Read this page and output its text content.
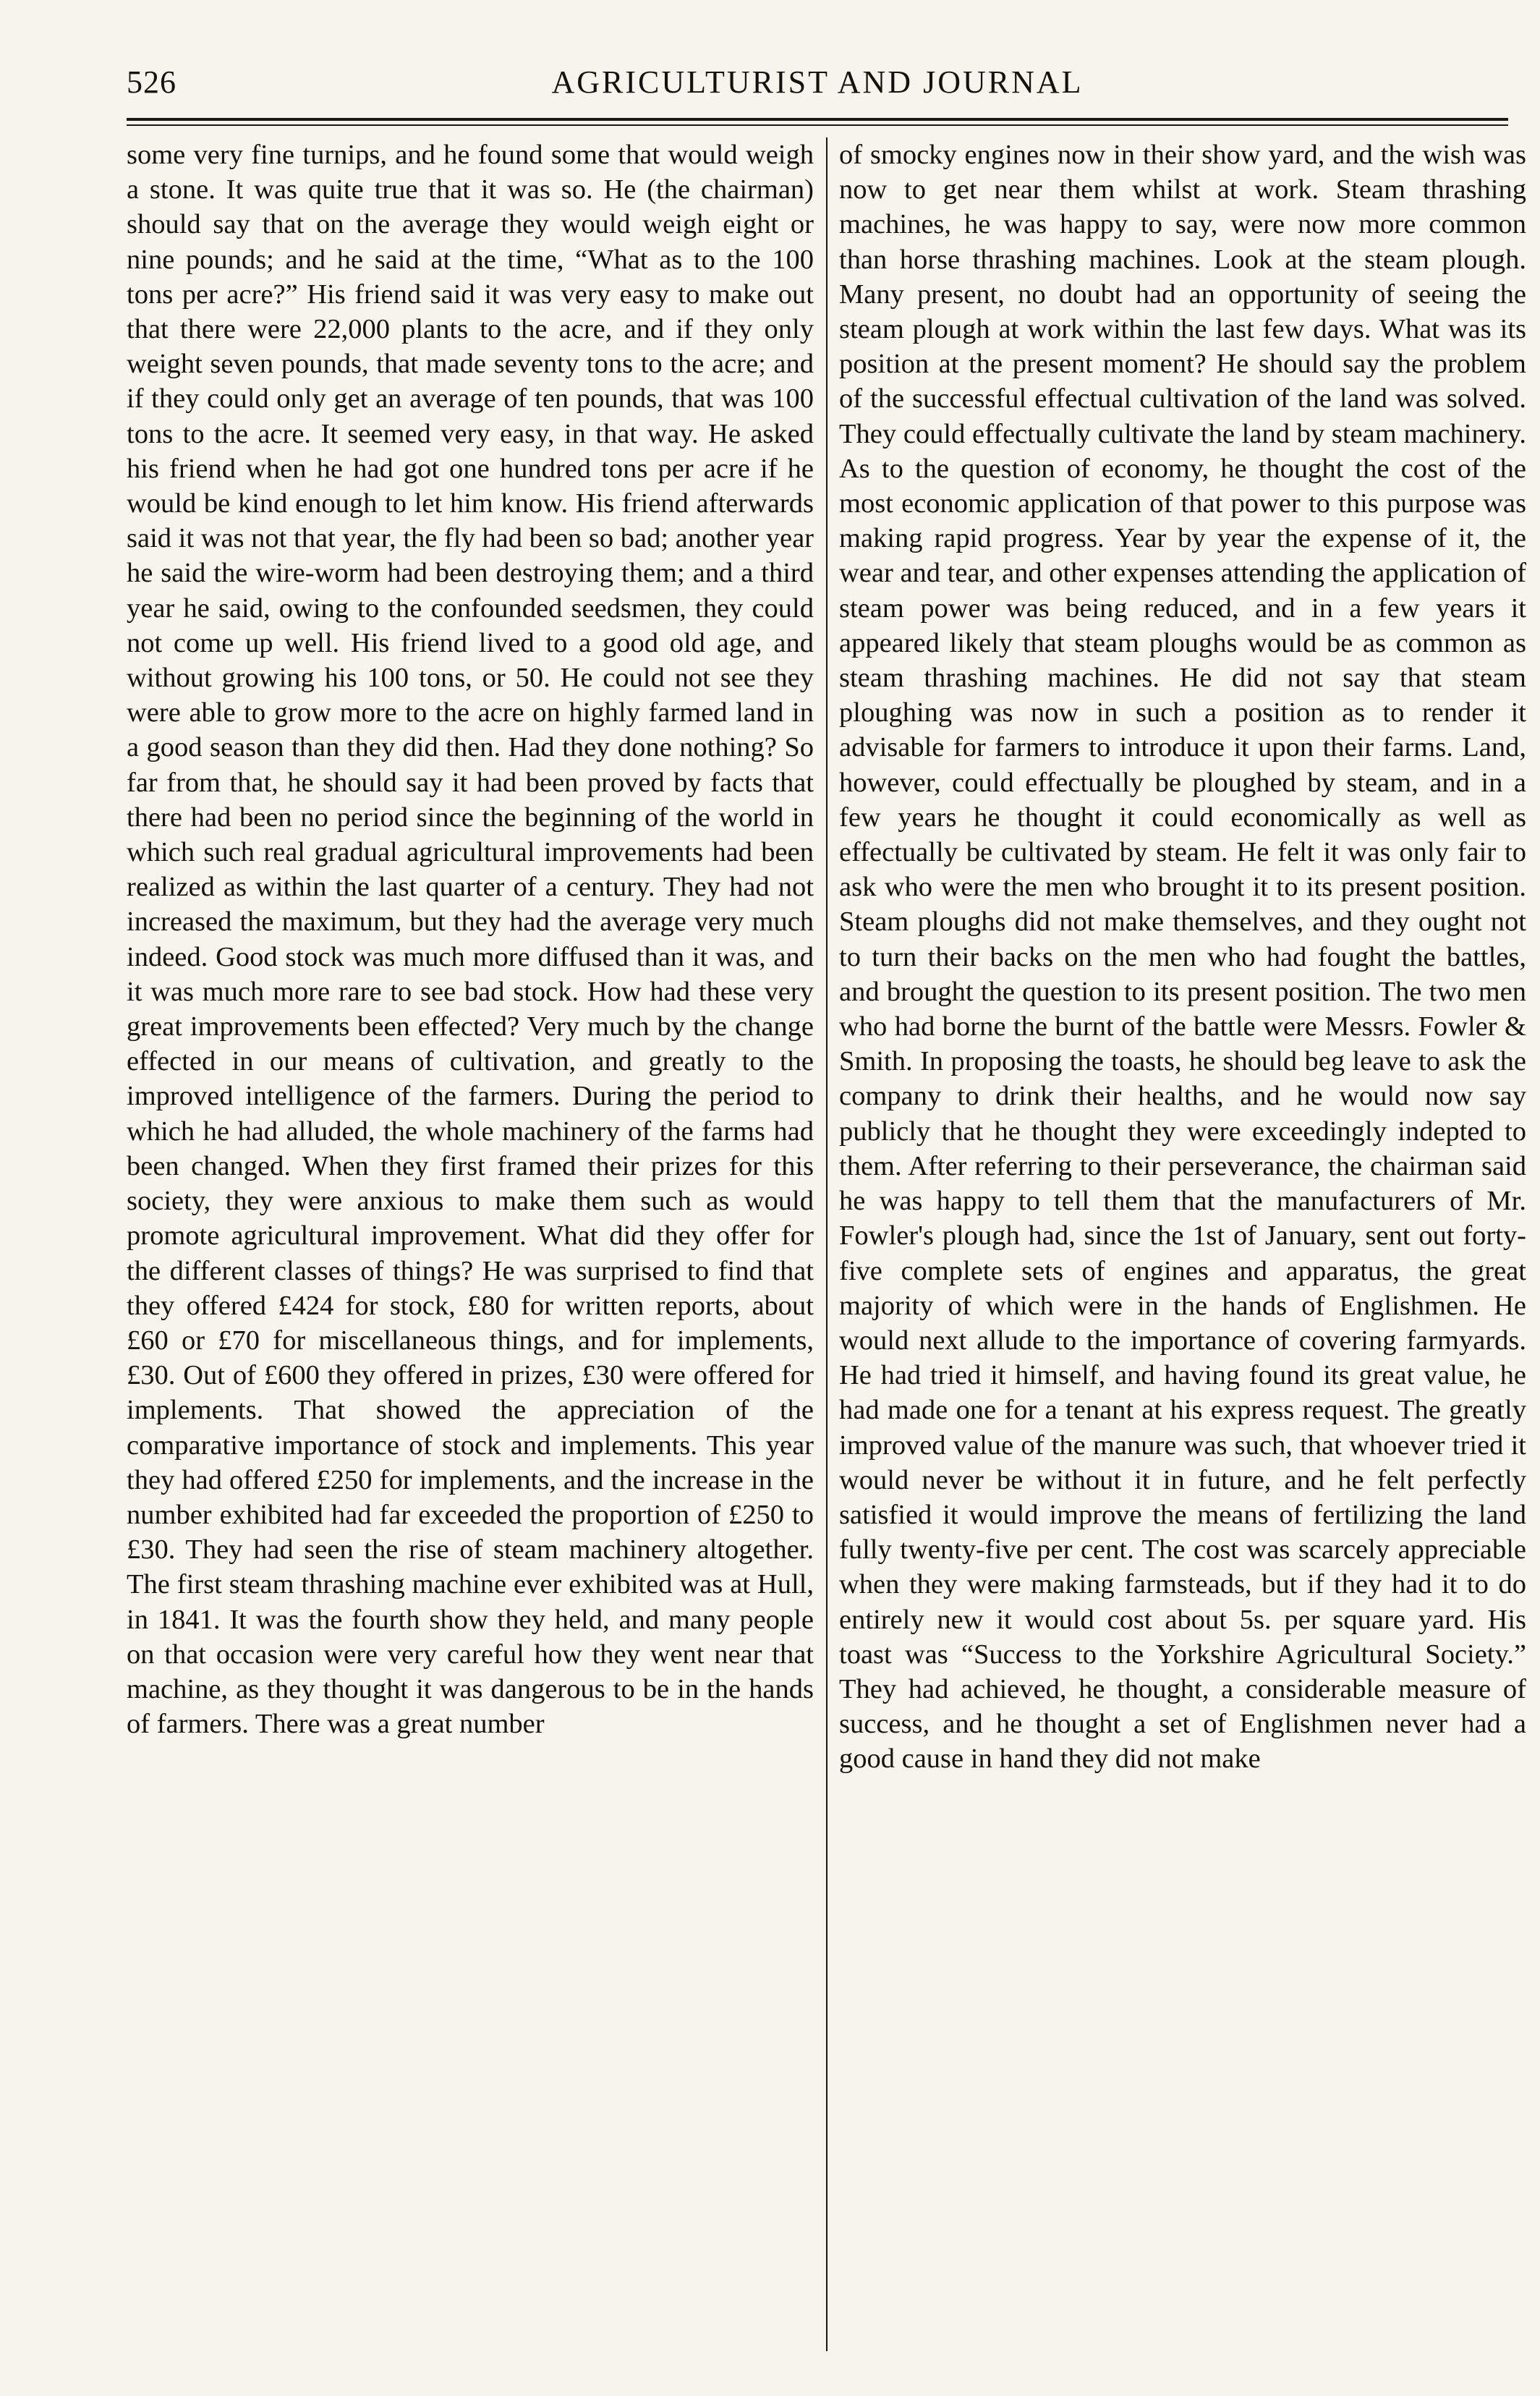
526	AGRICULTURIST AND JOURNAL

some very fine turnips, and he found some that would weigh a stone. It was quite true that it was so. He (the chairman) should say that on the average they would weigh eight or nine pounds; and he said at the time, “What as to the 100 tons per acre?” His friend said it was very easy to make out that there were 22,000 plants to the acre, and if they only weight seven pounds, that made seventy tons to the acre; and if they could only get an average of ten pounds, that was 100 tons to the acre. It seemed very easy, in that way. He asked his friend when he had got one hundred tons per acre if he would be kind enough to let him know. His friend afterwards said it was not that year, the fly had been so bad; another year he said the wire-worm had been destroying them; and a third year he said, owing to the confounded seedsmen, they could not come up well. His friend lived to a good old age, and without growing his 100 tons, or 50. He could not see they were able to grow more to the acre on highly farmed land in a good season than they did then. Had they done nothing? So far from that, he should say it had been proved by facts that there had been no period since the beginning of the world in which such real gradual agricultural improvements had been realized as within the last quarter of a century. They had not increased the maximum, but they had the average very much indeed. Good stock was much more diffused than it was, and it was much more rare to see bad stock. How had these very great improvements been effected? Very much by the change effected in our means of cultivation, and greatly to the improved intelligence of the farmers. During the period to which he had alluded, the whole machinery of the farms had been changed. When they first framed their prizes for this society, they were anxious to make them such as would promote agricultural improvement. What did they offer for the different classes of things? He was surprised to find that they offered £424 for stock, £80 for written reports, about £60 or £70 for miscellaneous things, and for implements, £30. Out of £600 they offered in prizes, £30 were offered for implements. That showed the appreciation of the comparative importance of stock and implements. This year they had offered £250 for implements, and the increase in the number exhibited had far exceeded the proportion of £250 to £30. They had seen the rise of steam machinery altogether. The first steam thrashing machine ever exhibited was at Hull, in 1841. It was the fourth show they held, and many people on that occasion were very careful how they went near that machine, as they thought it was dangerous to be in the hands of farmers. There was a great number

of smocky engines now in their show yard, and the wish was now to get near them whilst at work. Steam thrashing machines, he was happy to say, were now more common than horse thrashing machines. Look at the steam plough. Many present, no doubt had an opportunity of seeing the steam plough at work within the last few days. What was its position at the present moment? He should say the problem of the successful effectual cultivation of the land was solved. They could effectually cultivate the land by steam machinery. As to the question of economy, he thought the cost of the most economic application of that power to this purpose was making rapid progress. Year by year the expense of it, the wear and tear, and other expenses attending the application of steam power was being reduced, and in a few years it appeared likely that steam ploughs would be as common as steam thrashing machines. He did not say that steam ploughing was now in such a position as to render it advisable for farmers to introduce it upon their farms. Land, however, could effectually be ploughed by steam, and in a few years he thought it could economically as well as effectually be cultivated by steam. He felt it was only fair to ask who were the men who brought it to its present position. Steam ploughs did not make themselves, and they ought not to turn their backs on the men who had fought the battles, and brought the question to its present position. The two men who had borne the burnt of the battle were Messrs. Fowler & Smith. In proposing the toasts, he should beg leave to ask the company to drink their healths, and he would now say publicly that he thought they were exceedingly indepted to them. After referring to their perseverance, the chairman said he was happy to tell them that the manufacturers of Mr. Fowler's plough had, since the 1st of January, sent out forty-five complete sets of engines and apparatus, the great majority of which were in the hands of Englishmen. He would next allude to the importance of covering farmyards. He had tried it himself, and having found its great value, he had made one for a tenant at his express request. The greatly improved value of the manure was such, that whoever tried it would never be without it in future, and he felt perfectly satisfied it would improve the means of fertilizing the land fully twenty-five per cent. The cost was scarcely appreciable when they were making farmsteads, but if they had it to do entirely new it would cost about 5s. per square yard. His toast was “Success to the Yorkshire Agricultural Society.” They had achieved, he thought, a considerable measure of success, and he thought a set of Englishmen never had a good cause in hand they did not make
